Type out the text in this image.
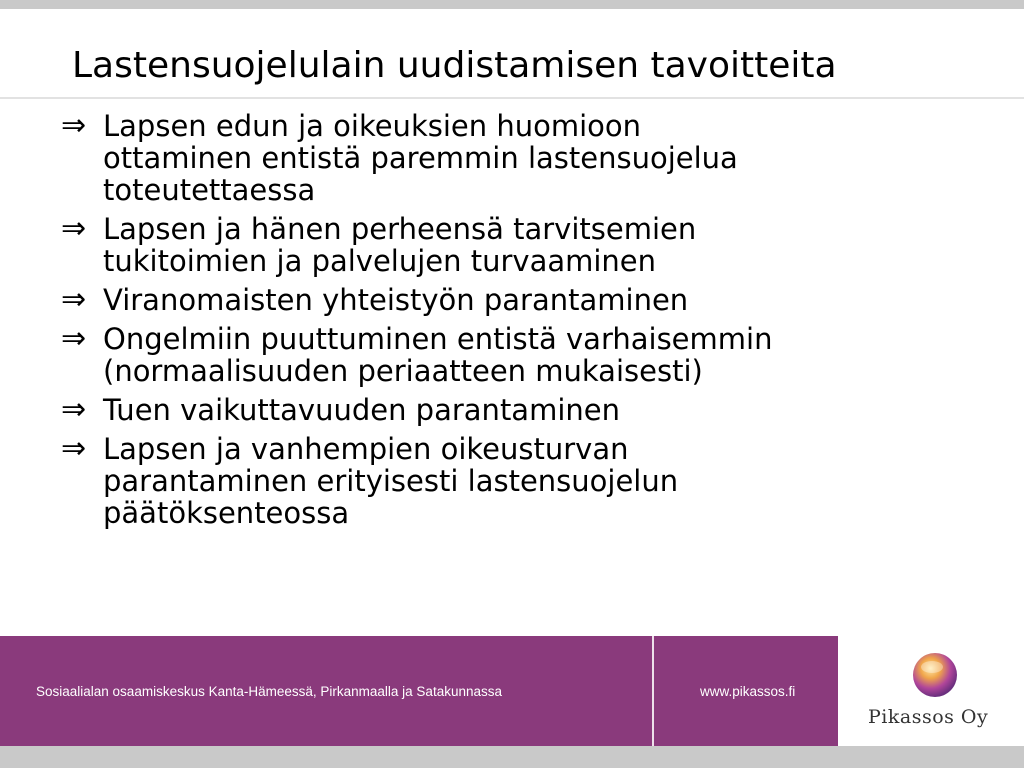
Lastensuojelulain uudistamisen tavoitteita
⇒ Lapsen edun ja oikeuksien huomioon
ottaminen entistä paremmin lastensuojelua
toteutettaessa
⇒ Lapsen ja hänen perheensä tarvitsemien
tukitoimien ja palvelujen turvaaminen
⇒ Viranomaisten yhteistyön parantaminen
⇒ Ongelmiin puuttuminen entistä varhaisemmin
(normaalisuuden periaatteen mukaisesti)
⇒ Tuen vaikuttavuuden parantaminen
⇒ Lapsen ja vanhempien oikeusturvan
parantaminen erityisesti lastensuojelun
päätöksenteossa
Sosiaalialan osaamiskeskus Kanta-Hämeessä, Pirkanmaalla ja Satakunnassa	www.pikassos.fi
Pikassos Oy
